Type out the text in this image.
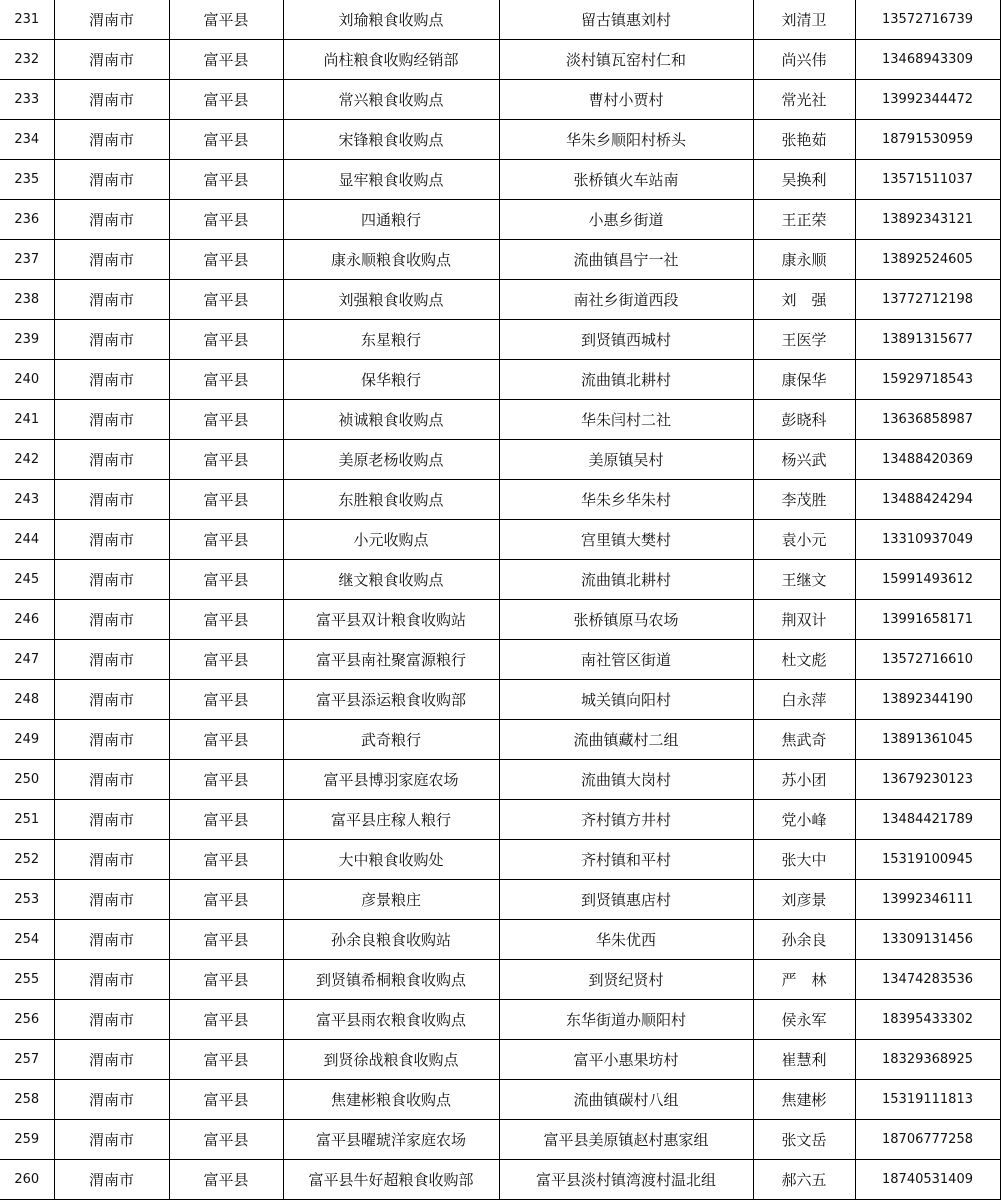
231	渭南市	富平县	刘瑜粮食收购点	留古镇惠刘村	刘清卫	13572716739
232	渭南市	富平县	尚柱粮食收购经销部	淡村镇瓦窑村仁和	尚兴伟	13468943309
233	渭南市	富平县	常兴粮食收购点	曹村小贾村	常光社	13992344472
234	渭南市	富平县	宋锋粮食收购点	华朱乡顺阳村桥头	张艳茹	18791530959
235	渭南市	富平县	显牢粮食收购点	张桥镇火车站南	吴换利	13571511037
236	渭南市	富平县	四通粮行	小惠乡街道	王正荣	13892343121
237	渭南市	富平县	康永顺粮食收购点	流曲镇昌宁一社	康永顺	13892524605
238	渭南市	富平县	刘强粮食收购点	南社乡街道西段	刘　强	13772712198
239	渭南市	富平县	东星粮行	到贤镇西城村	王医学	13891315677
240	渭南市	富平县	保华粮行	流曲镇北耕村	康保华	15929718543
241	渭南市	富平县	祯诚粮食收购点	华朱闫村二社	彭晓科	13636858987
242	渭南市	富平县	美原老杨收购点	美原镇吴村	杨兴武	13488420369
243	渭南市	富平县	东胜粮食收购点	华朱乡华朱村	李茂胜	13488424294
244	渭南市	富平县	小元收购点	宫里镇大樊村	袁小元	13310937049
245	渭南市	富平县	继文粮食收购点	流曲镇北耕村	王继文	15991493612
246	渭南市	富平县	富平县双计粮食收购站	张桥镇原马农场	荆双计	13991658171
247	渭南市	富平县	富平县南社聚富源粮行	南社管区街道	杜文彪	13572716610
248	渭南市	富平县	富平县添运粮食收购部	城关镇向阳村	白永萍	13892344190
249	渭南市	富平县	武奇粮行	流曲镇藏村二组	焦武奇	13891361045
250	渭南市	富平县	富平县博羽家庭农场	流曲镇大岗村	苏小团	13679230123
251	渭南市	富平县	富平县庄稼人粮行	齐村镇方井村	党小峰	13484421789
252	渭南市	富平县	大中粮食收购处	齐村镇和平村	张大中	15319100945
253	渭南市	富平县	彦景粮庄	到贤镇惠店村	刘彦景	13992346111
254	渭南市	富平县	孙余良粮食收购站	华朱优西	孙余良	13309131456
255	渭南市	富平县	到贤镇希桐粮食收购点	到贤纪贤村	严　林	13474283536
256	渭南市	富平县	富平县雨农粮食收购点	东华街道办顺阳村	侯永军	18395433302
257	渭南市	富平县	到贤徐战粮食收购点	富平小惠果坊村	崔慧利	18329368925
258	渭南市	富平县	焦建彬粮食收购点	流曲镇碳村八组	焦建彬	15319111813
259	渭南市	富平县	富平县曜琥洋家庭农场	富平县美原镇赵村惠家组	张文岳	18706777258
260	渭南市	富平县	富平县牛好超粮食收购部	富平县淡村镇湾渡村温北组	郝六五	18740531409
